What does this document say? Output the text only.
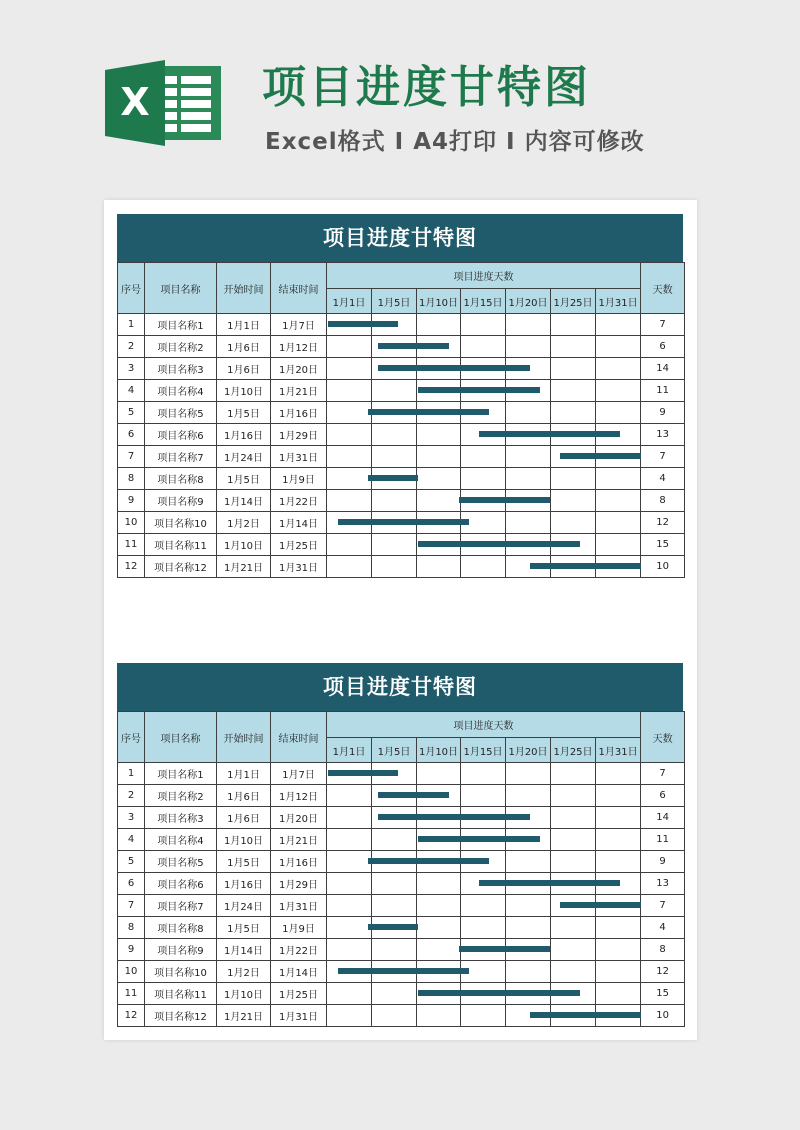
X	项目进度甘特图
Excel格式 I A4打印 I 内容可修改
项目进度甘特图
序号	项目名称	开始时间	结束时间	项目进度天数							天数
				1月1日	1月5日	1月10日	1月15日	1月20日	1月25日	1月31日	
1	项目名称1	1月1日	1月7日								7
2	项目名称2	1月6日	1月12日								6
3	项目名称3	1月6日	1月20日								14
4	项目名称4	1月10日	1月21日								11
5	项目名称5	1月5日	1月16日								9
6	项目名称6	1月16日	1月29日								13
7	项目名称7	1月24日	1月31日								7
8	项目名称8	1月5日	1月9日								4
9	项目名称9	1月14日	1月22日								8
10	项目名称10	1月2日	1月14日								12
11	项目名称11	1月10日	1月25日								15
12	项目名称12	1月21日	1月31日								10
项目进度甘特图
序号	项目名称	开始时间	结束时间	项目进度天数							天数
				1月1日	1月5日	1月10日	1月15日	1月20日	1月25日	1月31日	
1	项目名称1	1月1日	1月7日								7
2	项目名称2	1月6日	1月12日								6
3	项目名称3	1月6日	1月20日								14
4	项目名称4	1月10日	1月21日								11
5	项目名称5	1月5日	1月16日								9
6	项目名称6	1月16日	1月29日								13
7	项目名称7	1月24日	1月31日								7
8	项目名称8	1月5日	1月9日								4
9	项目名称9	1月14日	1月22日								8
10	项目名称10	1月2日	1月14日								12
11	项目名称11	1月10日	1月25日								15
12	项目名称12	1月21日	1月31日								10
